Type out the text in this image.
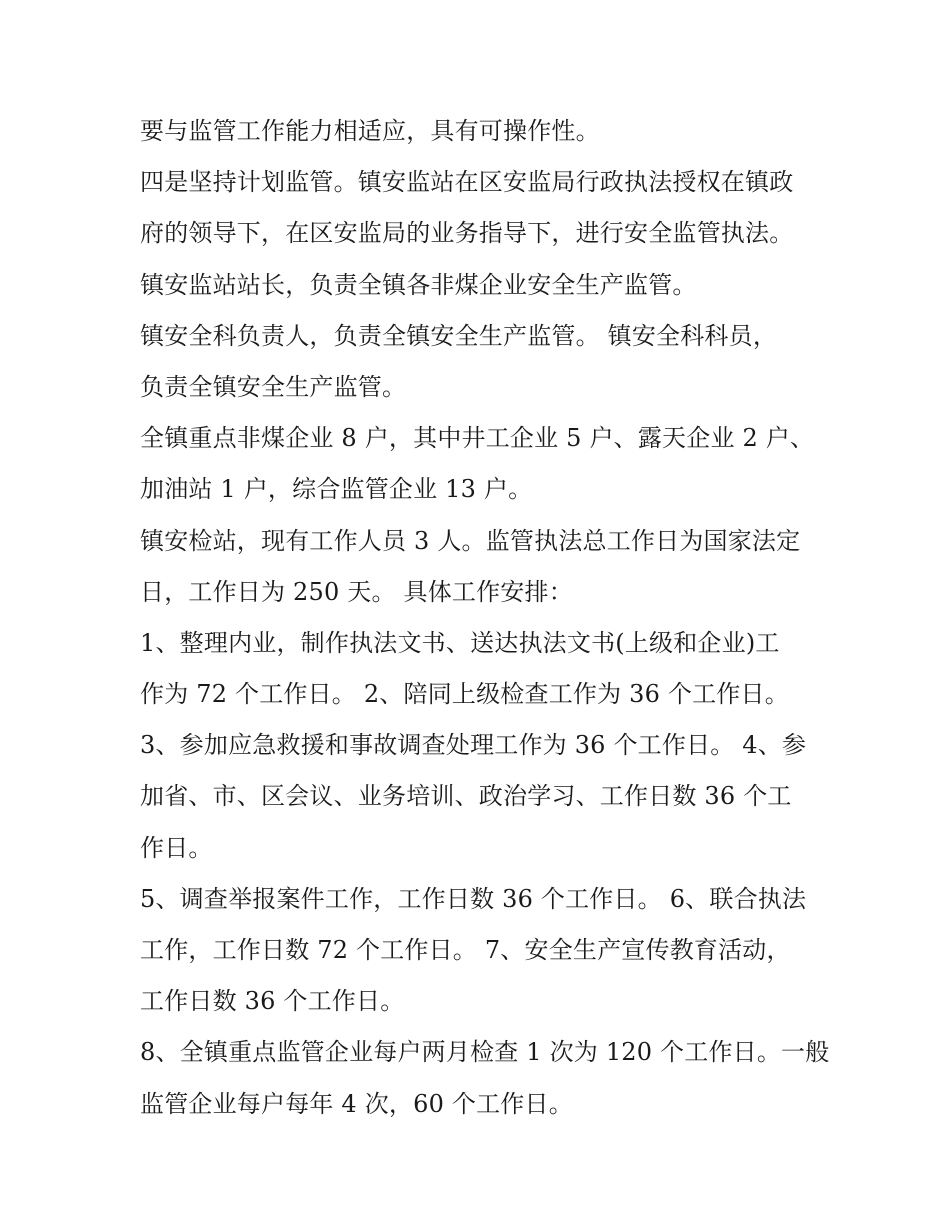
要与监管工作能力相适应，具有可操作性。
四是坚持计划监管。镇安监站在区安监局行政执法授权在镇政
府的领导下，在区安监局的业务指导下，进行安全监管执法。
镇安监站站长，负责全镇各非煤企业安全生产监管。
镇安全科负责人，负责全镇安全生产监管。 镇安全科科员，
负责全镇安全生产监管。
全镇重点非煤企业 8 户，其中井工企业 5 户、露天企业 2 户、
加油站 1 户，综合监管企业 13 户。
镇安检站，现有工作人员 3 人。监管执法总工作日为国家法定
日，工作日为 250 天。 具体工作安排：
1、整理内业，制作执法文书、送达执法文书(上级和企业)工
作为 72 个工作日。 2、陪同上级检查工作为 36 个工作日。
3、参加应急救援和事故调查处理工作为 36 个工作日。 4、参
加省、市、区会议、业务培训、政治学习、工作日数 36 个工
作日。
5、调查举报案件工作，工作日数 36 个工作日。 6、联合执法
工作，工作日数 72 个工作日。 7、安全生产宣传教育活动，
工作日数 36 个工作日。
8、全镇重点监管企业每户两月检查 1 次为 120 个工作日。一般
监管企业每户每年 4 次，60 个工作日。
